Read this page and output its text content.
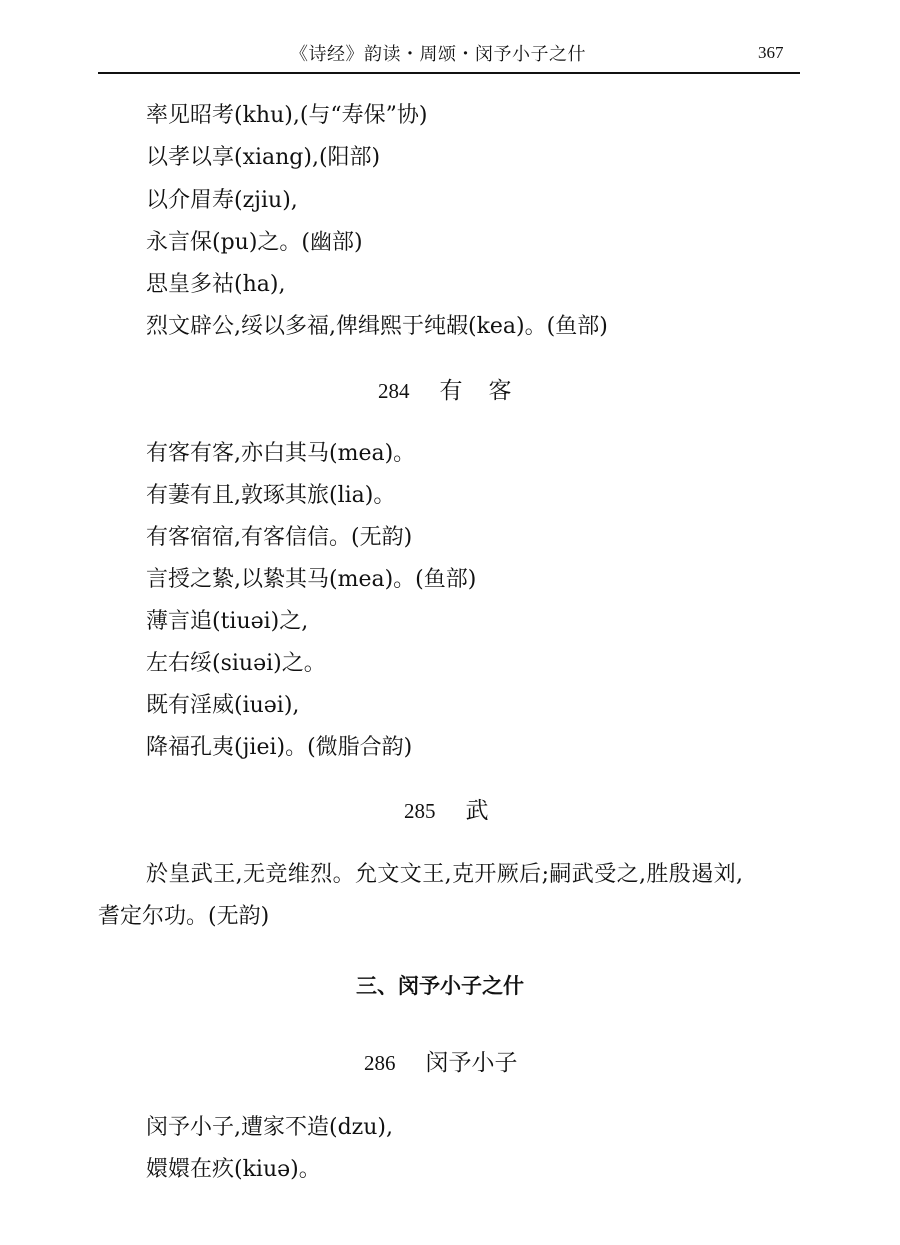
《诗经》韵读・周颂・闵予小子之什	367
率见昭考(khu),(与“寿保”协)
以孝以享(xiang),(阳部)
以介眉寿(zjiu),
永言保(pu)之。(幽部)
思皇多祜(ha),
烈文辟公,绥以多福,俾缉熙于纯嘏(kea)。(鱼部)
284 有客
有客有客,亦白其马(mea)。
有萋有且,敦琢其旅(lia)。
有客宿宿,有客信信。(无韵)
言授之絷,以絷其马(mea)。(鱼部)
薄言追(tiuəi)之,
左右绥(siuəi)之。
既有淫威(iuəi),
降福孔夷(jiei)。(微脂合韵)
285 武
於皇武王,无竞维烈。允文文王,克开厥后;嗣武受之,胜殷遏刘,
耆定尔功。(无韵)
三、闵予小子之什
286 闵予小子
闵予小子,遭家不造(dzu),
嬛嬛在疚(kiuə)。
